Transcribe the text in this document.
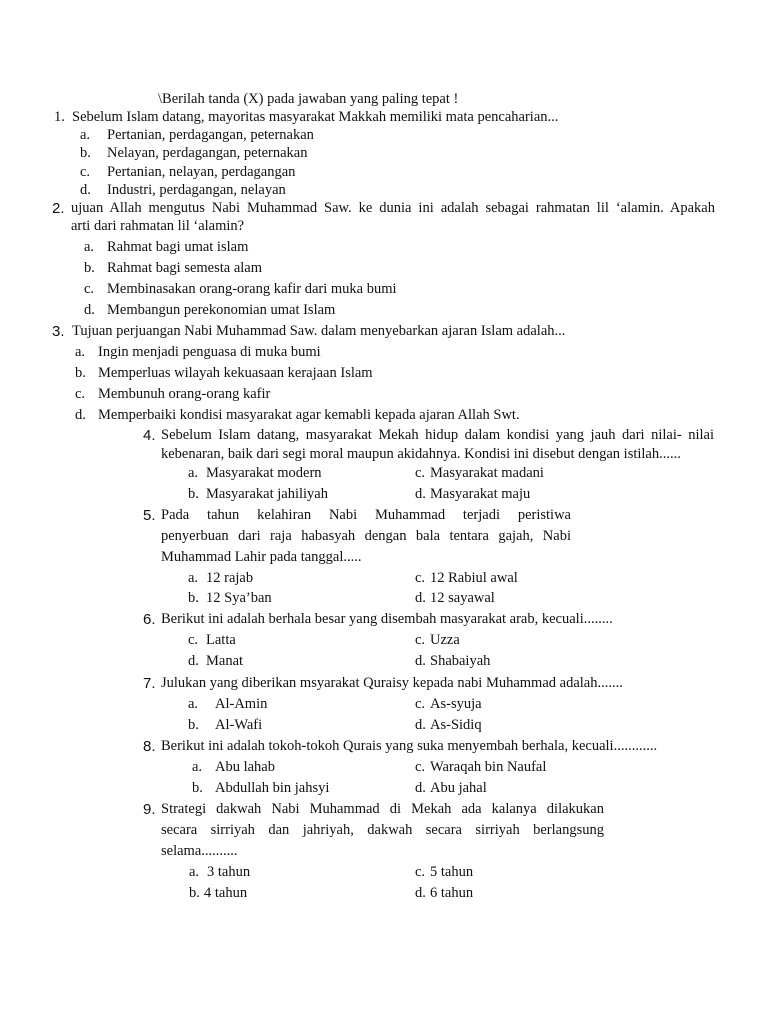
\Berilah tanda (X) pada jawaban yang paling tepat !
1. Sebelum Islam datang, mayoritas masyarakat Makkah memiliki mata pencaharian...
a. Pertanian, perdagangan, peternakan
b. Nelayan, perdagangan, peternakan
c. Pertanian, nelayan, perdagangan
d. Industri, perdagangan, nelayan
2. ujuan Allah mengutus Nabi Muhammad Saw. ke dunia ini adalah sebagai rahmatan lil ‘alamin. Apakah
arti dari rahmatan lil ‘alamin?
a. Rahmat bagi umat islam
b. Rahmat bagi semesta alam
c. Membinasakan orang-orang kafir dari muka bumi
d. Membangun perekonomian umat Islam
3. Tujuan perjuangan Nabi Muhammad Saw. dalam menyebarkan ajaran Islam adalah...
a. Ingin menjadi penguasa di muka bumi
b. Memperluas wilayah kekuasaan kerajaan Islam
c. Membunuh orang-orang kafir
d. Memperbaiki kondisi masyarakat agar kemabli kepada ajaran Allah Swt.
4. Sebelum Islam datang, masyarakat Mekah hidup dalam kondisi yang jauh dari nilai- nilai
kebenaran, baik dari segi moral maupun akidahnya. Kondisi ini disebut dengan istilah......
a. Masyarakat modern	c. Masyarakat madani
b. Masyarakat jahiliyah	d. Masyarakat maju
5. Pada tahun kelahiran Nabi Muhammad terjadi peristiwa
penyerbuan dari raja habasyah dengan bala tentara gajah, Nabi
Muhammad Lahir pada tanggal.....
a. 12 rajab	c. 12 Rabiul awal
b. 12 Sya’ban	d. 12 sayawal
6. Berikut ini adalah berhala besar yang disembah masyarakat arab, kecuali........
c. Latta	c. Uzza
d. Manat	d. Shabaiyah
7. Julukan yang diberikan msyarakat Quraisy kepada nabi Muhammad adalah.......
a. Al-Amin	c. As-syuja
b. Al-Wafi	d. As-Sidiq
8. Berikut ini adalah tokoh-tokoh Qurais yang suka menyembah berhala, kecuali............
a. Abu lahab	c. Waraqah bin Naufal
b. Abdullah bin jahsyi	d. Abu jahal
9. Strategi dakwah Nabi Muhammad di Mekah ada kalanya dilakukan
secara sirriyah dan jahriyah, dakwah secara sirriyah berlangsung
selama..........
a. 3 tahun	c. 5 tahun
b. 4 tahun	d. 6 tahun
